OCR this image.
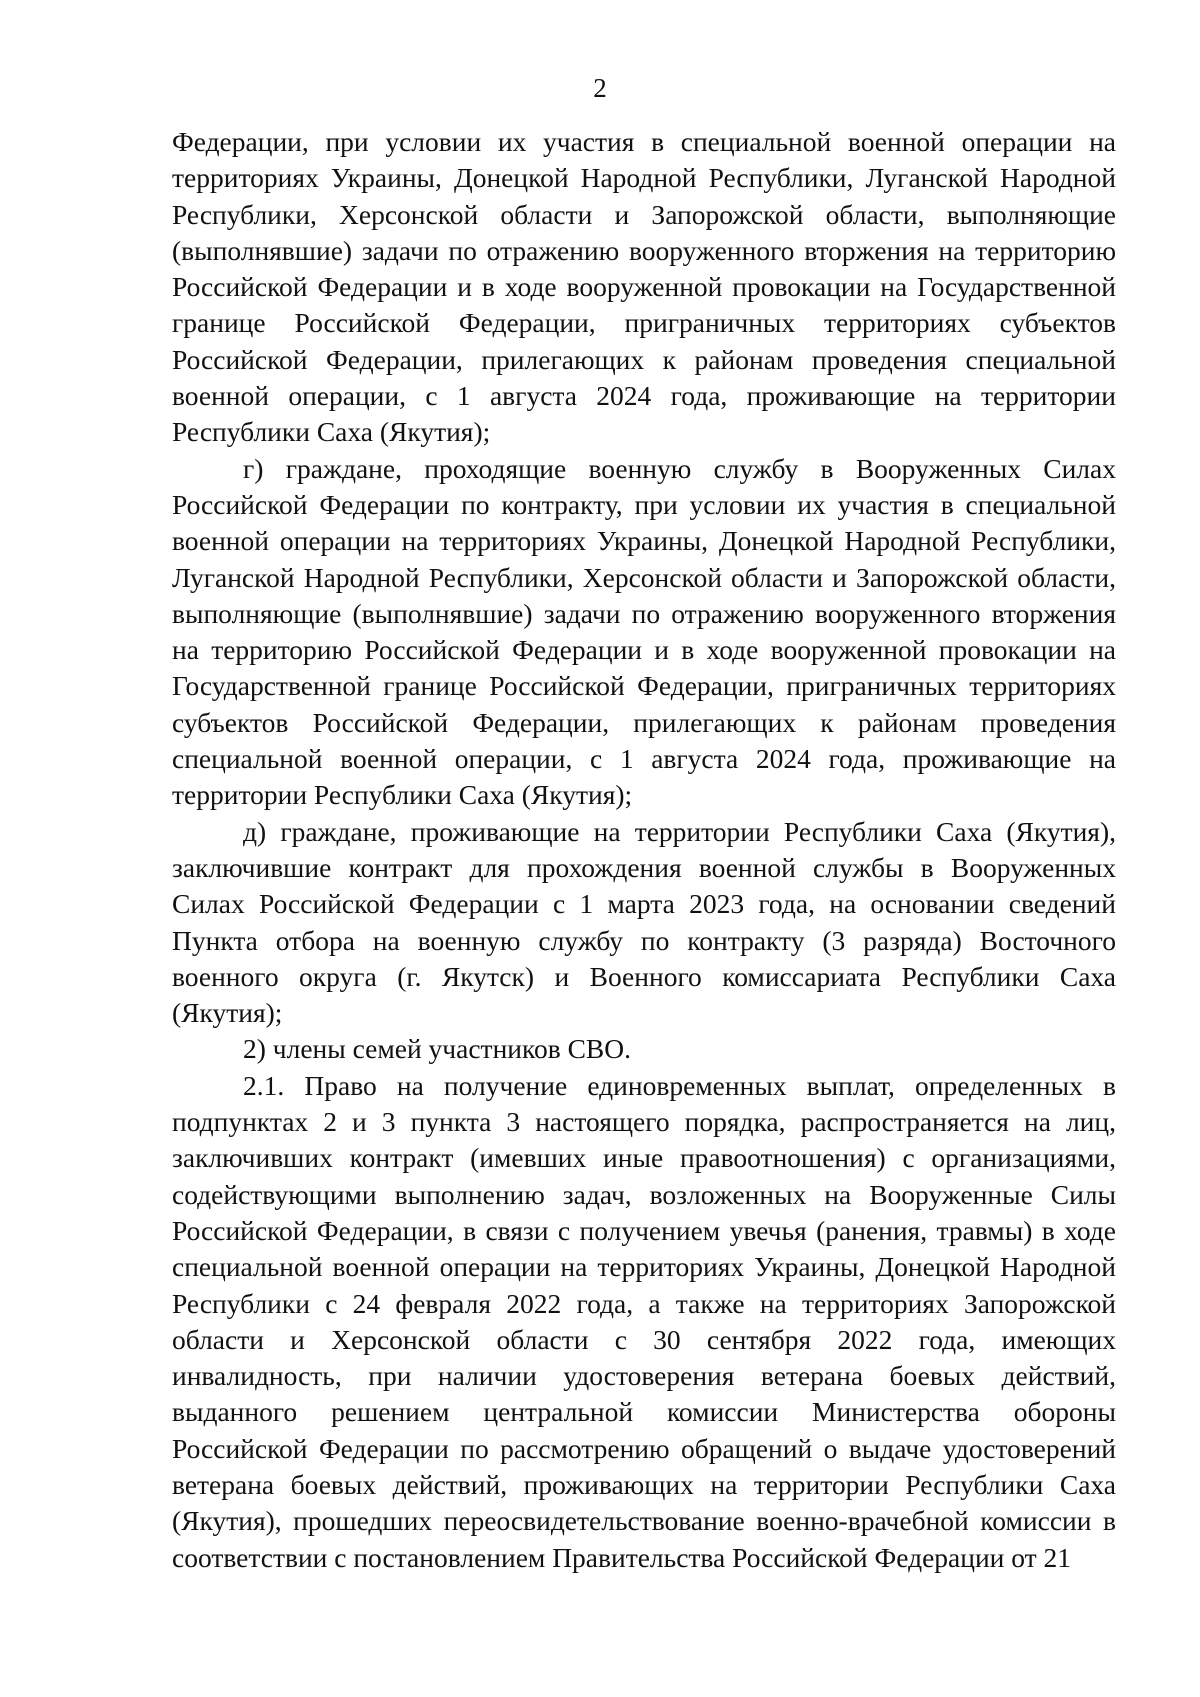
2

Федерации, при условии их участия в специальной военной операции на территориях Украины, Донецкой Народной Республики, Луганской Народной Республики, Херсонской области и Запорожской области, выполняющие (выполнявшие) задачи по отражению вооруженного вторжения на территорию Российской Федерации и в ходе вооруженной провокации на Государственной границе Российской Федерации, приграничных территориях субъектов Российской Федерации, прилегающих к районам проведения специальной военной операции, с 1 августа 2024 года, проживающие на территории Республики Саха (Якутия);

г) граждане, проходящие военную службу в Вооруженных Силах Российской Федерации по контракту, при условии их участия в специальной военной операции на территориях Украины, Донецкой Народной Республики, Луганской Народной Республики, Херсонской области и Запорожской области, выполняющие (выполнявшие) задачи по отражению вооруженного вторжения на территорию Российской Федерации и в ходе вооруженной провокации на Государственной границе Российской Федерации, приграничных территориях субъектов Российской Федерации, прилегающих к районам проведения специальной военной операции, с 1 августа 2024 года, проживающие на территории Республики Саха (Якутия);

д) граждане, проживающие на территории Республики Саха (Якутия), заключившие контракт для прохождения военной службы в Вооруженных Силах Российской Федерации с 1 марта 2023 года, на основании сведений Пункта отбора на военную службу по контракту (3 разряда) Восточного военного округа (г. Якутск) и Военного комиссариата Республики Саха (Якутия);

2) члены семей участников СВО.

2.1. Право на получение единовременных выплат, определенных в подпунктах 2 и 3 пункта 3 настоящего порядка, распространяется на лиц, заключивших контракт (имевших иные правоотношения) с организациями, содействующими выполнению задач, возложенных на Вооруженные Силы Российской Федерации, в связи с получением увечья (ранения, травмы) в ходе специальной военной операции на территориях Украины, Донецкой Народной Республики с 24 февраля 2022 года, а также на территориях Запорожской области и Херсонской области с 30 сентября 2022 года, имеющих инвалидность, при наличии удостоверения ветерана боевых действий, выданного решением центральной комиссии Министерства обороны Российской Федерации по рассмотрению обращений о выдаче удостоверений ветерана боевых действий, проживающих на территории Республики Саха (Якутия), прошедших переосвидетельствование военно-врачебной комиссии в соответствии с постановлением Правительства Российской Федерации от 21
